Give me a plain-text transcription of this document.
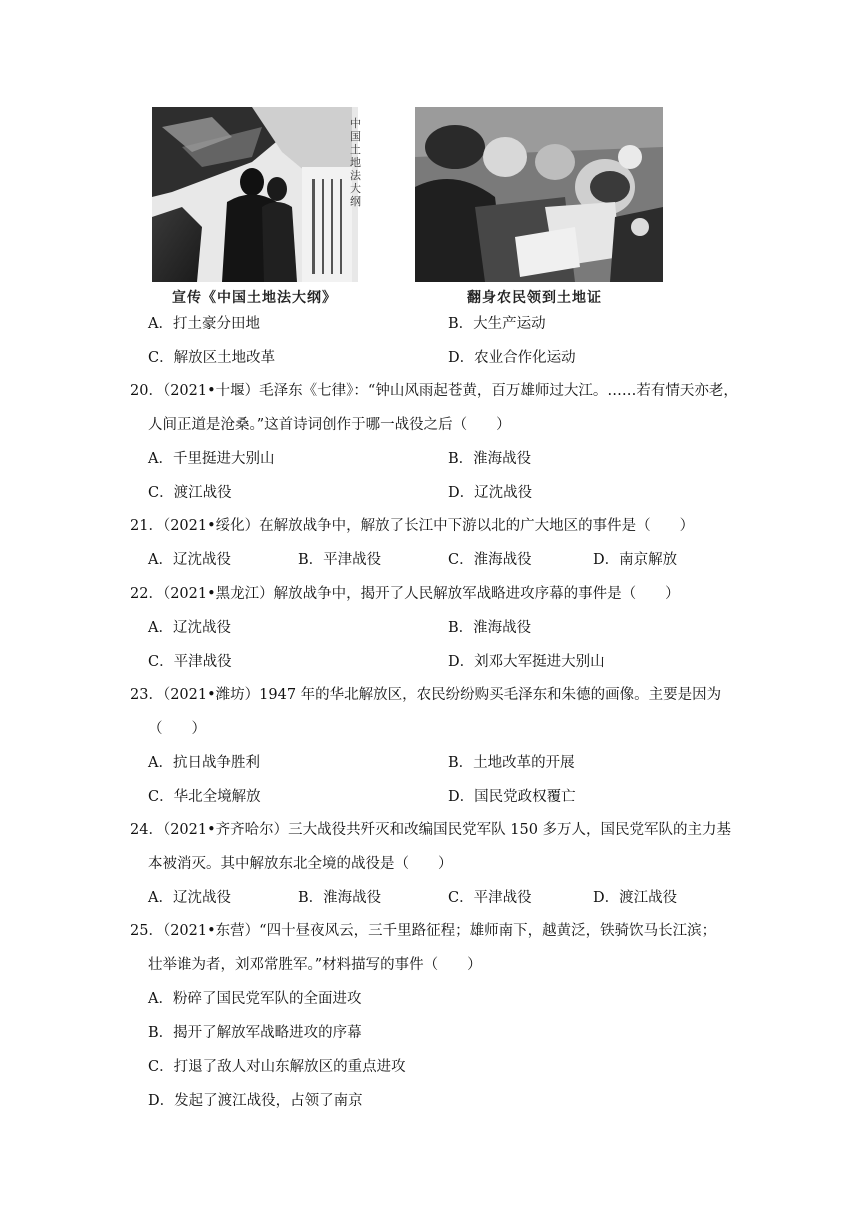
中
国
土
地
法
大
纲
宣传《中国土地法大纲》	翻身农民领到土地证
A．打土豪分田地	B．大生产运动
C．解放区土地改革	D．农业合作化运动
20．（2021•十堰）毛泽东《七律》：“钟山风雨起苍黄，百万雄师过大江。……若有情天亦老，
人间正道是沧桑。”这首诗词创作于哪一战役之后（　　）
A．千里挺进大别山	B．淮海战役
C．渡江战役	D．辽沈战役
21．（2021•绥化）在解放战争中，解放了长江中下游以北的广大地区的事件是（　　）
A．辽沈战役	B．平津战役	C．淮海战役	D．南京解放
22．（2021•黑龙江）解放战争中，揭开了人民解放军战略进攻序幕的事件是（　　）
A．辽沈战役	B．淮海战役
C．平津战役	D．刘邓大军挺进大别山
23．（2021•潍坊）1947 年的华北解放区，农民纷纷购买毛泽东和朱德的画像。主要是因为
（　　）
A．抗日战争胜利	B．土地改革的开展
C．华北全境解放	D．国民党政权覆亡
24．（2021•齐齐哈尔）三大战役共歼灭和改编国民党军队 150 多万人，国民党军队的主力基
本被消灭。其中解放东北全境的战役是（　　）
A．辽沈战役	B．淮海战役	C．平津战役	D．渡江战役
25．（2021•东营）“四十昼夜风云，三千里路征程；雄师南下，越黄泛，铁骑饮马长江滨；
壮举谁为者，刘邓常胜军。”材料描写的事件（　　）
A．粉碎了国民党军队的全面进攻
B．揭开了解放军战略进攻的序幕
C．打退了敌人对山东解放区的重点进攻
D．发起了渡江战役，占领了南京
